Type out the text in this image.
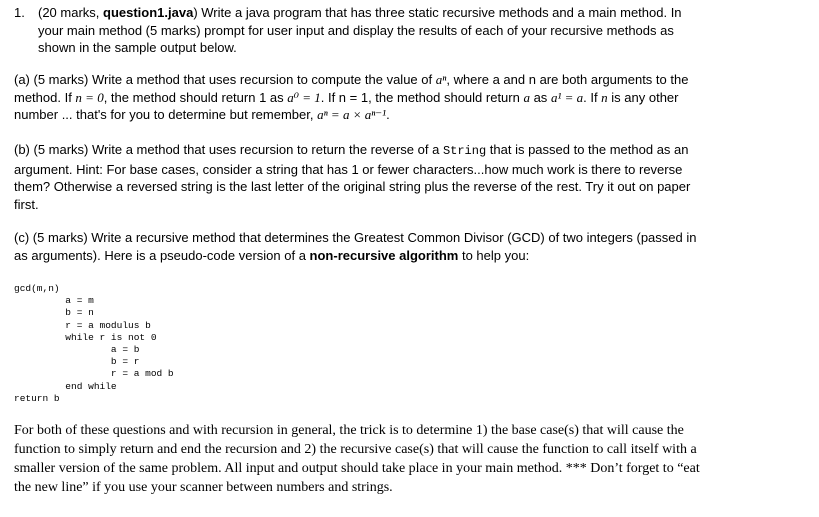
1. (20 marks, question1.java) Write a java program that has three static recursive methods and a main method. In your main method (5 marks) prompt for user input and display the results of each of your recursive methods as shown in the sample output below.
(a) (5 marks) Write a method that uses recursion to compute the value of aⁿ, where a and n are both arguments to the method. If n = 0, the method should return 1 as a⁰ = 1. If n = 1, the method should return a as a¹ = a. If n is any other number ... that's for you to determine but remember, aⁿ = a × aⁿ⁻¹.
(b) (5 marks) Write a method that uses recursion to return the reverse of a String that is passed to the method as an argument. Hint: For base cases, consider a string that has 1 or fewer characters...how much work is there to reverse them? Otherwise a reversed string is the last letter of the original string plus the reverse of the rest. Try it out on paper first.
(c) (5 marks) Write a recursive method that determines the Greatest Common Divisor (GCD) of two integers (passed in as arguments). Here is a pseudo-code version of a non-recursive algorithm to help you:
gcd(m,n)
a = m
b = n
r = a modulus b
while r is not 0
a = b
b = r
r = a mod b
end while
return b
For both of these questions and with recursion in general, the trick is to determine 1) the base case(s) that will cause the function to simply return and end the recursion and 2) the recursive case(s) that will cause the function to call itself with a smaller version of the same problem. All input and output should take place in your main method. *** Don’t forget to “eat the new line” if you use your scanner between numbers and strings.
